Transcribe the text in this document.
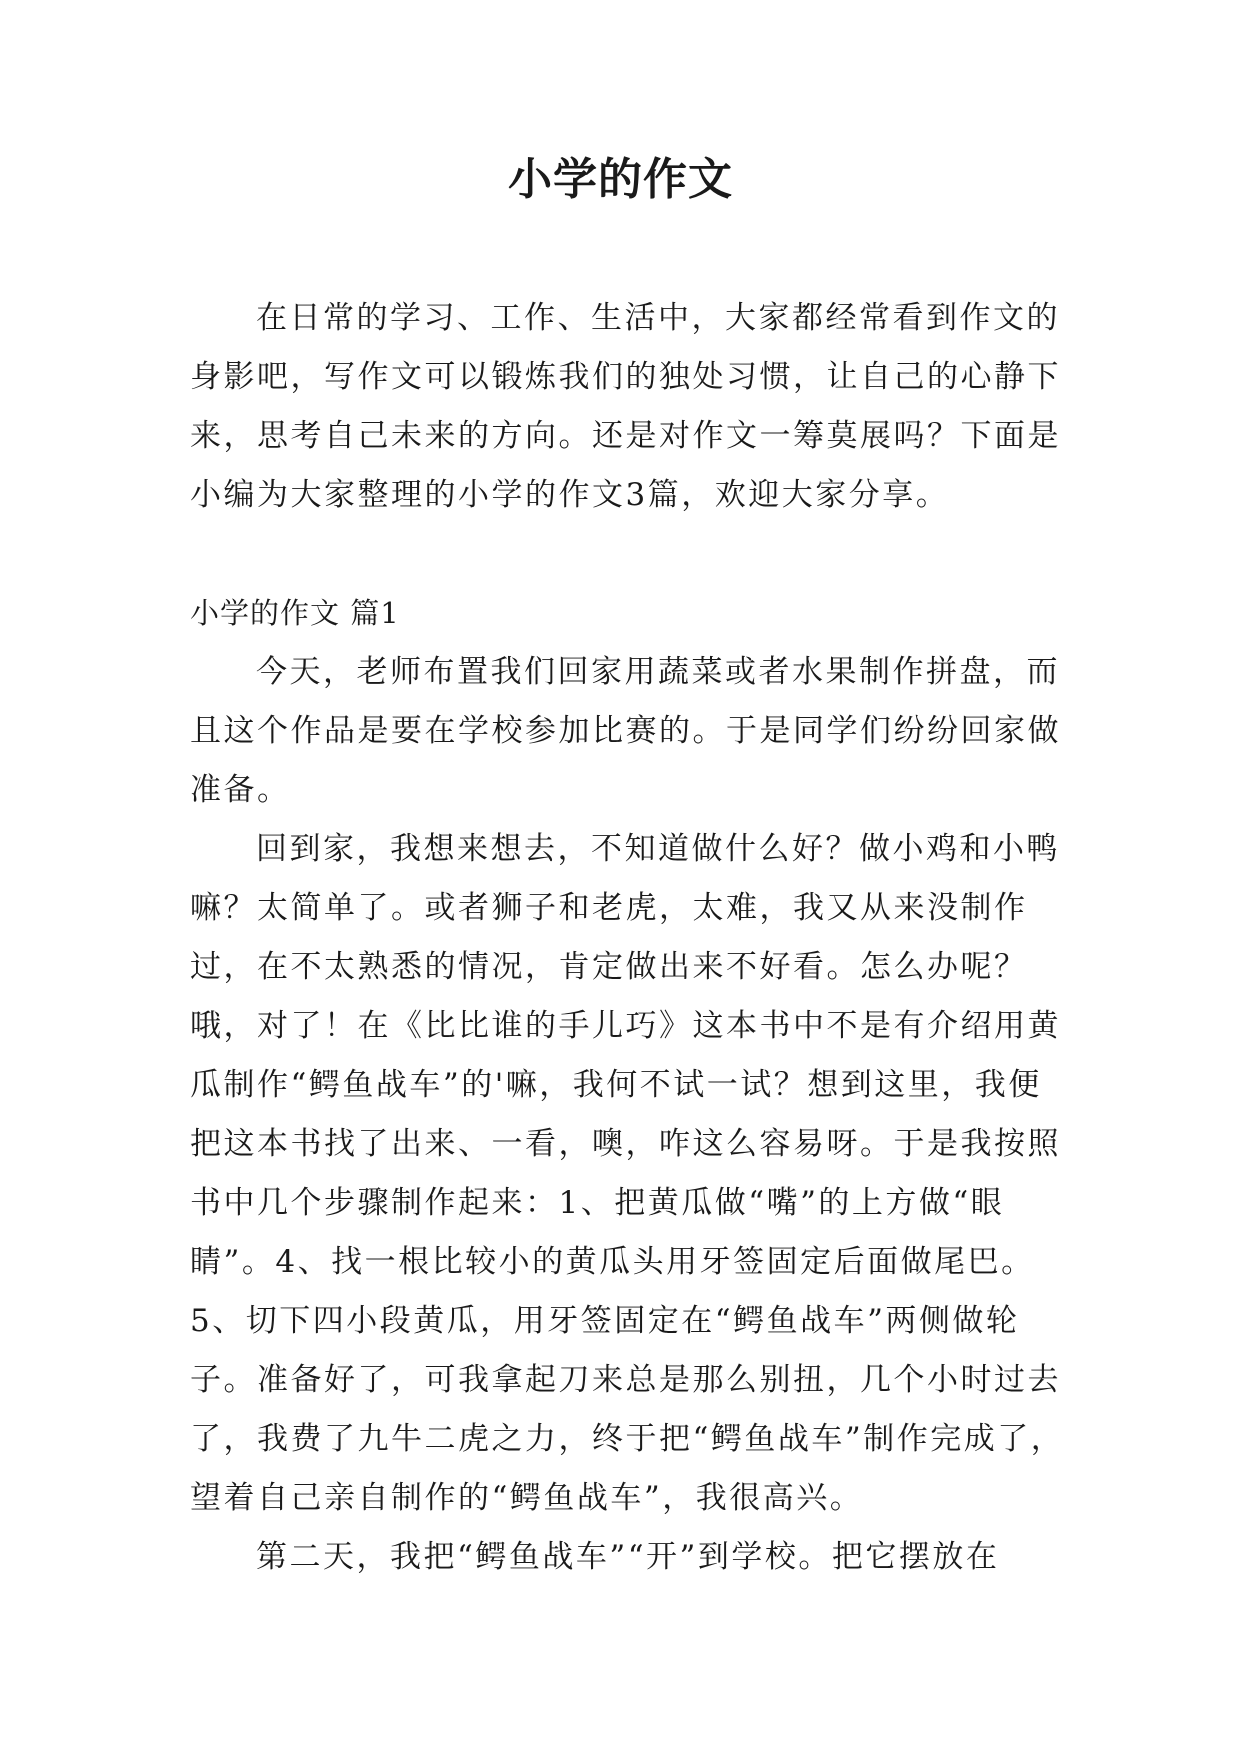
小学的作文

在日常的学习、工作、生活中，大家都经常看到作文的身影吧，写作文可以锻炼我们的独处习惯，让自己的心静下来，思考自己未来的方向。还是对作文一筹莫展吗？下面是小编为大家整理的小学的作文3篇，欢迎大家分享。

小学的作文 篇1

今天，老师布置我们回家用蔬菜或者水果制作拼盘，而且这个作品是要在学校参加比赛的。于是同学们纷纷回家做准备。

回到家，我想来想去，不知道做什么好？做小鸡和小鸭嘛？太简单了。或者狮子和老虎，太难，我又从来没制作过，在不太熟悉的情况，肯定做出来不好看。怎么办呢？哦，对了！在《比比谁的手儿巧》这本书中不是有介绍用黄瓜制作“鳄鱼战车”的'嘛，我何不试一试？想到这里，我便把这本书找了出来、一看，噢，咋这么容易呀。于是我按照书中几个步骤制作起来：1、把黄瓜做“嘴”的上方做“眼睛”。4、找一根比较小的黄瓜头用牙签固定后面做尾巴。5、切下四小段黄瓜，用牙签固定在“鳄鱼战车”两侧做轮子。准备好了，可我拿起刀来总是那么别扭，几个小时过去了，我费了九牛二虎之力，终于把“鳄鱼战车”制作完成了，望着自己亲自制作的“鳄鱼战车”，我很高兴。

第二天，我把“鳄鱼战车”“开”到学校。把它摆放在
